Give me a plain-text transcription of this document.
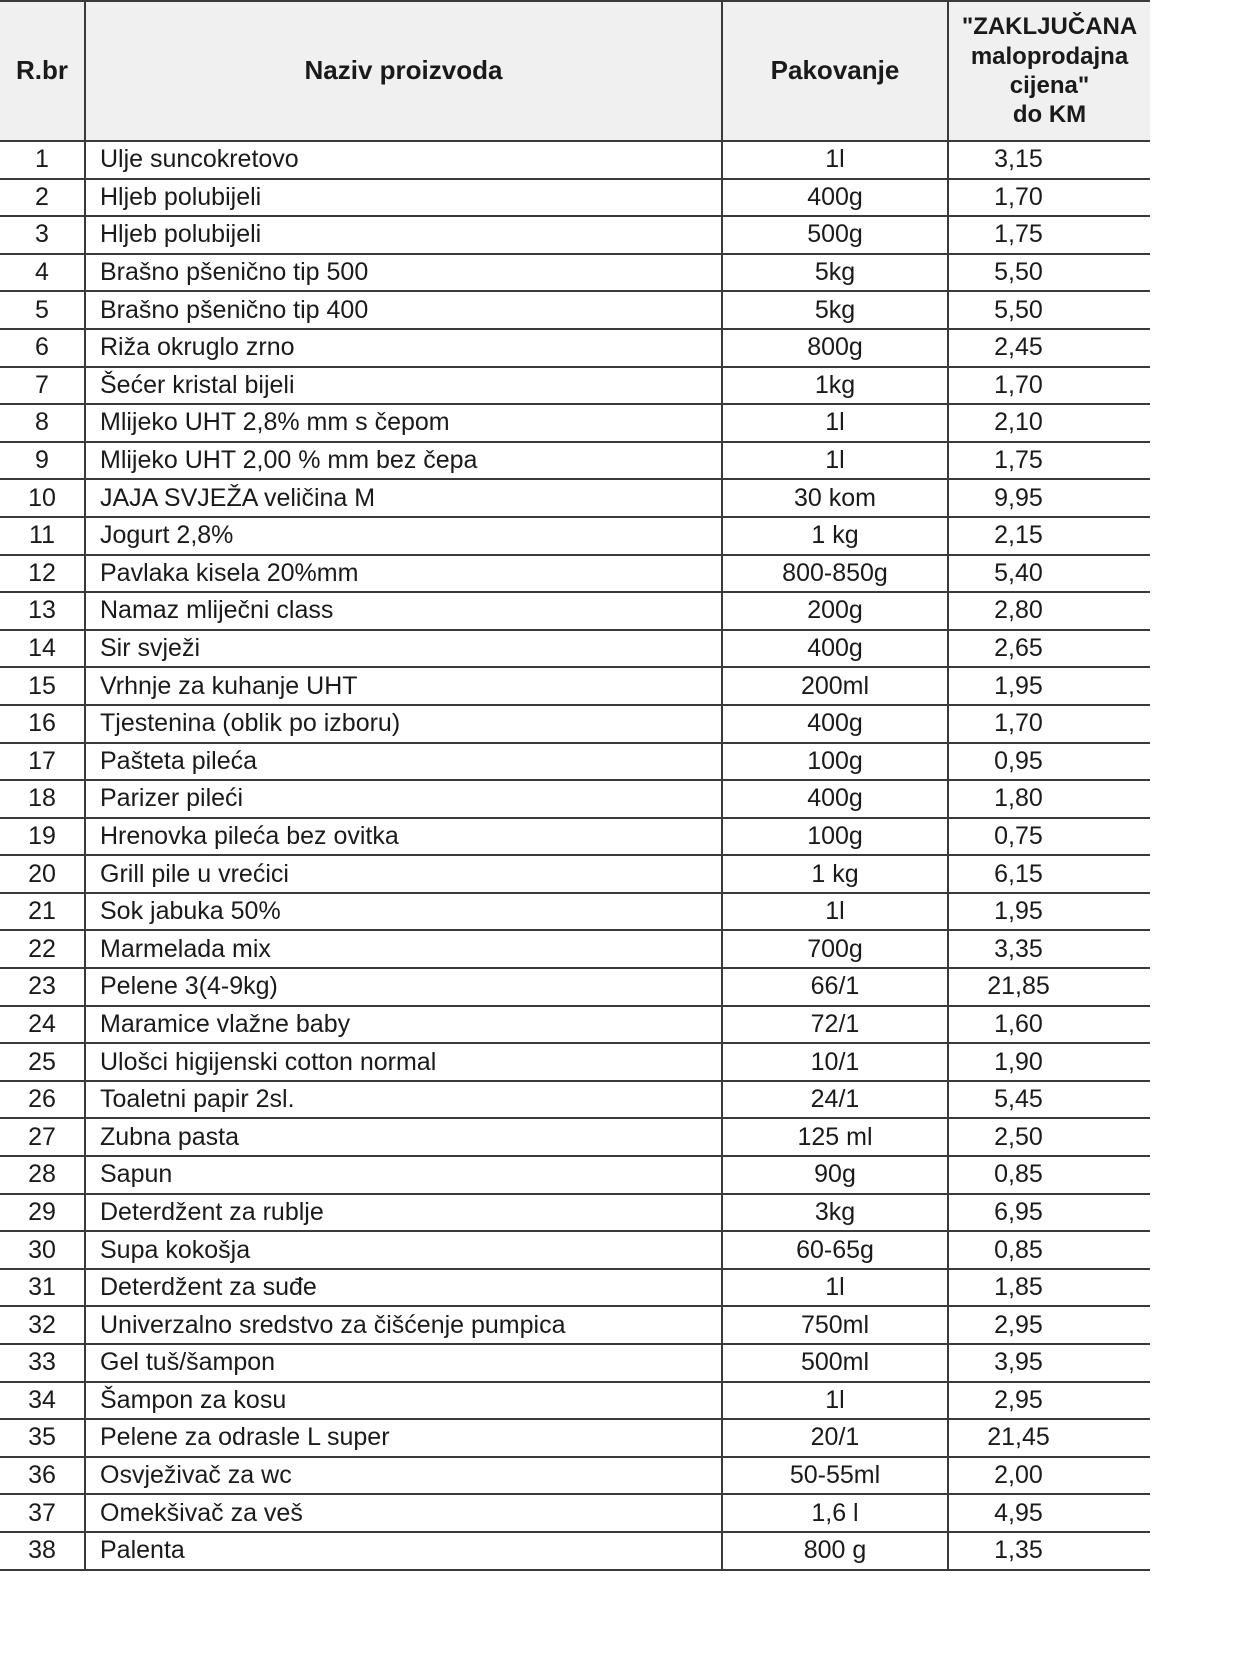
R.br	Naziv proizvoda	Pakovanje	"ZAKLJUČANA
maloprodajna
cijena"
do KM

1	Ulje suncokretovo	1l	3,15
2	Hljeb polubijeli	400g	1,70
3	Hljeb polubijeli	500g	1,75
4	Brašno pšenično tip 500	5kg	5,50
5	Brašno pšenično tip 400	5kg	5,50
6	Riža okruglo zrno	800g	2,45
7	Šećer kristal bijeli	1kg	1,70
8	Mlijeko UHT 2,8% mm s čepom	1l	2,10
9	Mlijeko UHT 2,00 % mm bez čepa	1l	1,75
10	JAJA SVJEŽA veličina M	30 kom	9,95
11	Jogurt 2,8%	1 kg	2,15
12	Pavlaka kisela 20%mm	800-850g	5,40
13	Namaz mliječni class	200g	2,80
14	Sir svježi	400g	2,65
15	Vrhnje za kuhanje UHT	200ml	1,95
16	Tjestenina (oblik po izboru)	400g	1,70
17	Pašteta pileća	100g	0,95
18	Parizer pileći	400g	1,80
19	Hrenovka pileća bez ovitka	100g	0,75
20	Grill pile u vrećici	1 kg	6,15
21	Sok jabuka 50%	1l	1,95
22	Marmelada mix	700g	3,35
23	Pelene 3(4-9kg)	66/1	21,85
24	Maramice vlažne baby	72/1	1,60
25	Ulošci higijenski cotton normal	10/1	1,90
26	Toaletni papir 2sl.	24/1	5,45
27	Zubna pasta	125 ml	2,50
28	Sapun	90g	0,85
29	Deterdžent za rublje	3kg	6,95
30	Supa kokošja	60-65g	0,85
31	Deterdžent za suđe	1l	1,85
32	Univerzalno sredstvo za čišćenje pumpica	750ml	2,95
33	Gel tuš/šampon	500ml	3,95
34	Šampon za kosu	1l	2,95
35	Pelene za odrasle L super	20/1	21,45
36	Osvježivač za wc	50-55ml	2,00
37	Omekšivač za veš	1,6 l	4,95
38	Palenta	800 g	1,35
